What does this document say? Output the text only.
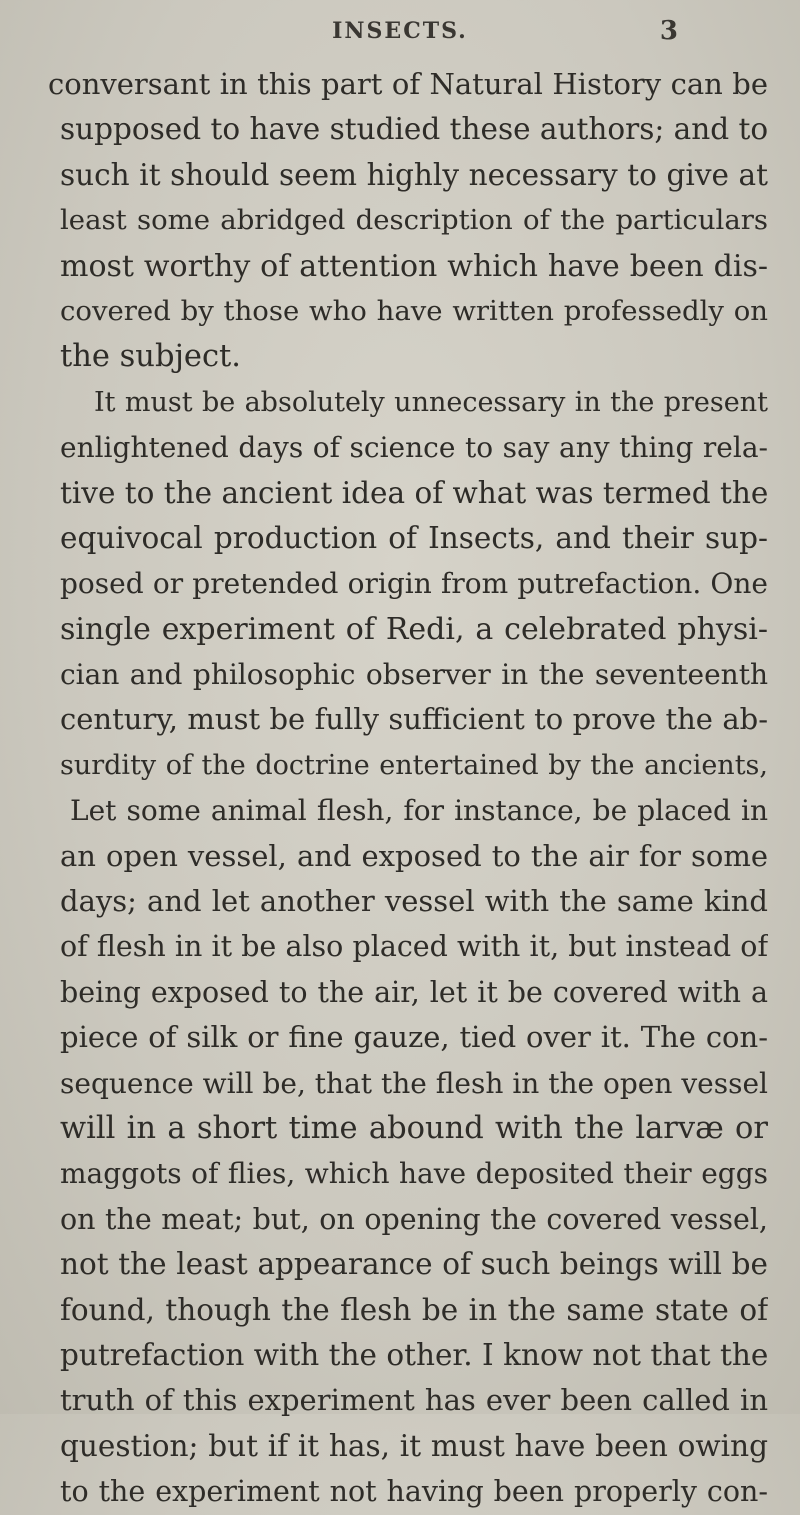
INSECTS.	3
conversant in this part of Natural History can be
supposed to have studied these authors; and to
such it should seem highly necessary to give at
least some abridged description of the particulars
most worthy of attention which have been dis-
covered by those who have written professedly on
the subject.
It must be absolutely unnecessary in the present
enlightened days of science to say any thing rela-
tive to the ancient idea of what was termed the
equivocal production of Insects, and their sup-
posed or pretended origin from putrefaction. One
single experiment of Redi, a celebrated physi-
cian and philosophic observer in the seventeenth
century, must be fully sufficient to prove the ab-
surdity of the doctrine entertained by the ancients,
Let some animal flesh, for instance, be placed in
an open vessel, and exposed to the air for some
days; and let another vessel with the same kind
of flesh in it be also placed with it, but instead of
being exposed to the air, let it be covered with a
piece of silk or fine gauze, tied over it. The con-
sequence will be, that the flesh in the open vessel
will in a short time abound with the larvæ or
maggots of flies, which have deposited their eggs
on the meat; but, on opening the covered vessel,
not the least appearance of such beings will be
found, though the flesh be in the same state of
putrefaction with the other. I know not that the
truth of this experiment has ever been called in
question; but if it has, it must have been owing
to the experiment not having been properly con-
